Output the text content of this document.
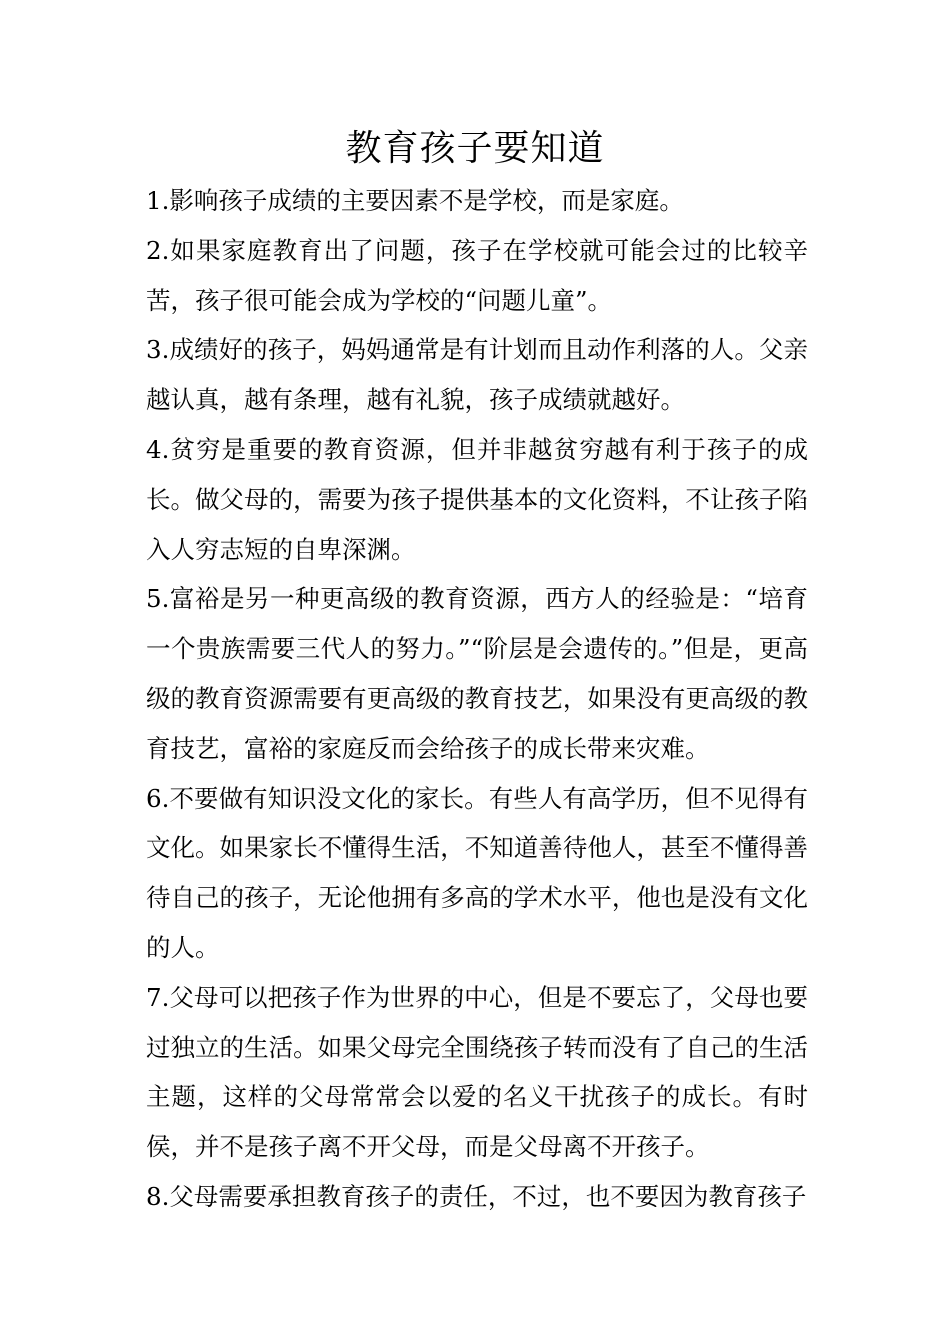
教育孩子要知道

1.影响孩子成绩的主要因素不是学校，而是家庭。

2.如果家庭教育出了问题，孩子在学校就可能会过的比较辛苦，孩子很可能会成为学校的“问题儿童”。

3.成绩好的孩子，妈妈通常是有计划而且动作利落的人。父亲越认真，越有条理，越有礼貌，孩子成绩就越好。

4.贫穷是重要的教育资源，但并非越贫穷越有利于孩子的成长。做父母的，需要为孩子提供基本的文化资料，不让孩子陷入人穷志短的自卑深渊。

5.富裕是另一种更高级的教育资源，西方人的经验是：“培育一个贵族需要三代人的努力。”“阶层是会遗传的。”但是，更高级的教育资源需要有更高级的教育技艺，如果没有更高级的教育技艺，富裕的家庭反而会给孩子的成长带来灾难。

6.不要做有知识没文化的家长。有些人有高学历，但不见得有文化。如果家长不懂得生活，不知道善待他人，甚至不懂得善待自己的孩子，无论他拥有多高的学术水平，他也是没有文化的人。

7.父母可以把孩子作为世界的中心，但是不要忘了，父母也要过独立的生活。如果父母完全围绕孩子转而没有了自己的生活主题，这样的父母常常会以爱的名义干扰孩子的成长。有时侯，并不是孩子离不开父母，而是父母离不开孩子。

8.父母需要承担教育孩子的责任，不过，也不要因为教育孩子
